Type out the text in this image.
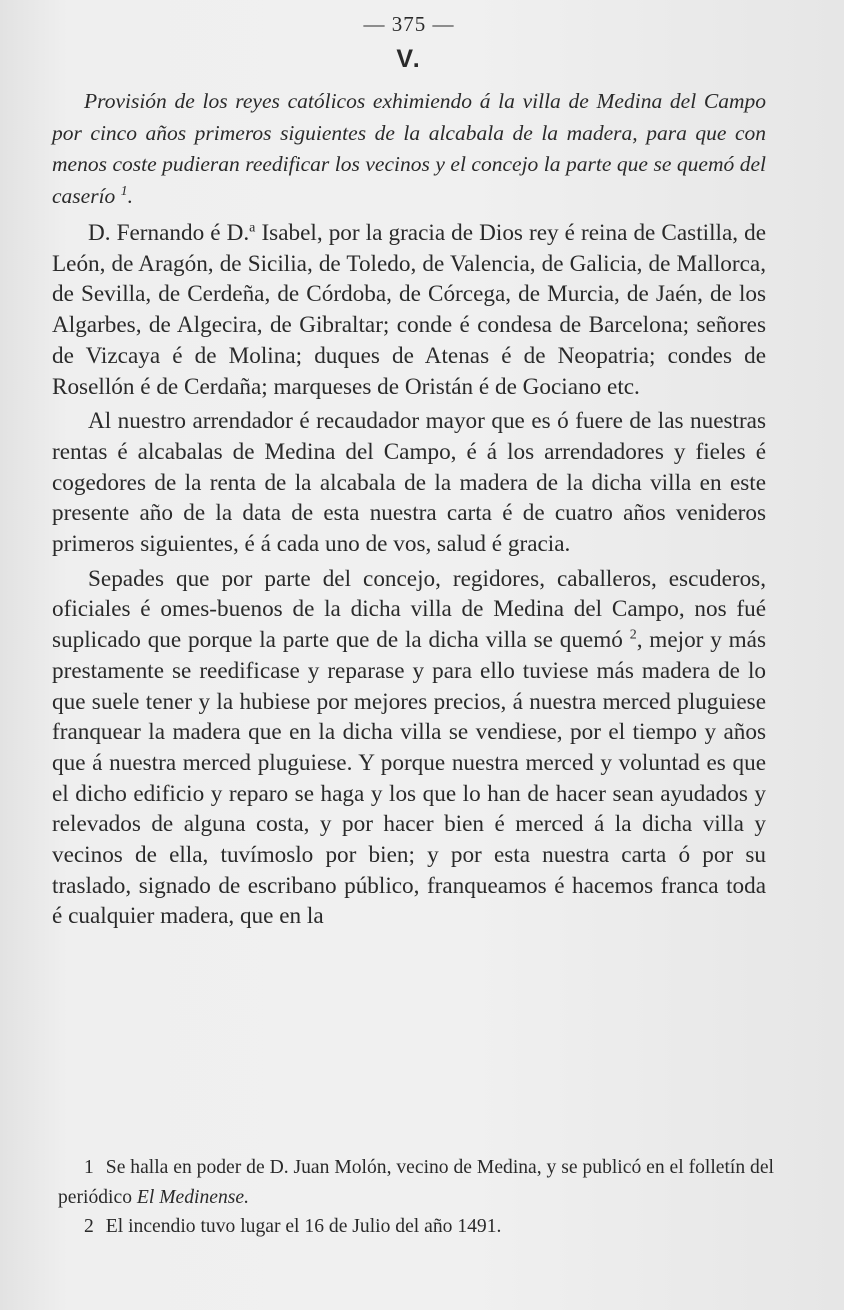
— 375 —
V.

Provisión de los reyes católicos exhimiendo á la villa de Medina del Campo por cinco años primeros siguientes de la alcabala de la madera, para que con menos coste pudieran reedificar los vecinos y el concejo la parte que se quemó del caserío $^1$.

D. Fernando é D.$^a$ Isabel, por la gracia de Dios rey é reina de Castilla, de León, de Aragón, de Sicilia, de Toledo, de Valencia, de Galicia, de Mallorca, de Sevilla, de Cerdeña, de Córdoba, de Córcega, de Murcia, de Jaén, de los Algarbes, de Algecira, de Gibraltar; conde é condesa de Barcelona; señores de Vizcaya é de Molina; duques de Atenas é de Neopatria; condes de Rosellón é de Cerdaña; marqueses de Oristán é de Gociano etc.

Al nuestro arrendador é recaudador mayor que es ó fuere de las nuestras rentas é alcabalas de Medina del Campo, é á los arrendadores y fieles é cogedores de la renta de la alcabala de la madera de la dicha villa en este presente año de la data de esta nuestra carta é de cuatro años venideros primeros siguientes, é á cada uno de vos, salud é gracia.

Sepades que por parte del concejo, regidores, caballeros, escuderos, oficiales é omes-buenos de la dicha villa de Medina del Campo, nos fué suplicado que porque la parte que de la dicha villa se quemó $^2$, mejor y más prestamente se reedificase y reparase y para ello tuviese más madera de lo que suele tener y la hubiese por mejores precios, á nuestra merced pluguiese franquear la madera que en la dicha villa se vendiese, por el tiempo y años que á nuestra merced pluguiese. Y porque nuestra merced y voluntad es que el dicho edificio y reparo se haga y los que lo han de hacer sean ayudados y relevados de alguna costa, y por hacer bien é merced á la dicha villa y vecinos de ella, tuvímoslo por bien; y por esta nuestra carta ó por su traslado, signado de escribano público, franqueamos é hacemos franca toda é cualquier madera, que en la

1 Se halla en poder de D. Juan Molón, vecino de Medina, y se publicó en el folletín del periódico El Medinense.

2 El incendio tuvo lugar el 16 de Julio del año 1491.
